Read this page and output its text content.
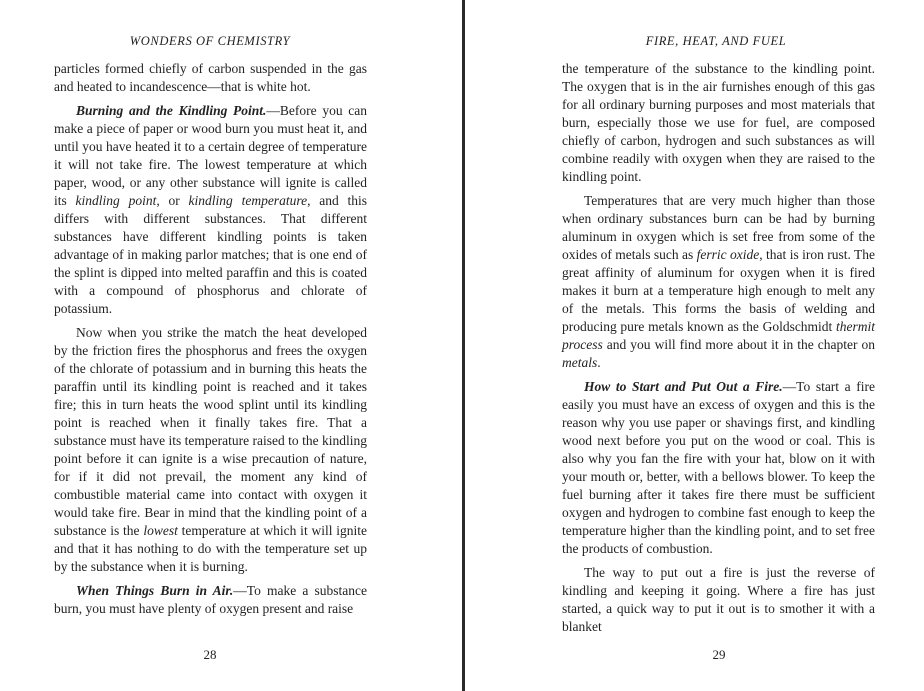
WONDERS OF CHEMISTRY

particles formed chiefly of carbon suspended in the gas and heated to incandescence—that is white hot.

Burning and the Kindling Point.—Before you can make a piece of paper or wood burn you must heat it, and until you have heated it to a certain degree of temperature it will not take fire. The lowest temperature at which paper, wood, or any other substance will ignite is called its kindling point, or kindling temperature, and this differs with different substances. That different substances have different kindling points is taken advantage of in making parlor matches; that is one end of the splint is dipped into melted paraffin and this is coated with a compound of phosphorus and chlorate of potassium.

Now when you strike the match the heat developed by the friction fires the phosphorus and frees the oxygen of the chlorate of potassium and in burning this heats the paraffin until its kindling point is reached and it takes fire; this in turn heats the wood splint until its kindling point is reached when it finally takes fire. That a substance must have its temperature raised to the kindling point before it can ignite is a wise precaution of nature, for if it did not prevail, the moment any kind of combustible material came into contact with oxygen it would take fire. Bear in mind that the kindling point of a substance is the lowest temperature at which it will ignite and that it has nothing to do with the temperature set up by the substance when it is burning.

When Things Burn in Air.—To make a substance burn, you must have plenty of oxygen present and raise

28
FIRE, HEAT, AND FUEL

the temperature of the substance to the kindling point. The oxygen that is in the air furnishes enough of this gas for all ordinary burning purposes and most materials that burn, especially those we use for fuel, are composed chiefly of carbon, hydrogen and such substances as will combine readily with oxygen when they are raised to the kindling point.

Temperatures that are very much higher than those when ordinary substances burn can be had by burning aluminum in oxygen which is set free from some of the oxides of metals such as ferric oxide, that is iron rust. The great affinity of aluminum for oxygen when it is fired makes it burn at a temperature high enough to melt any of the metals. This forms the basis of welding and producing pure metals known as the Goldschmidt thermit process and you will find more about it in the chapter on metals.

How to Start and Put Out a Fire.—To start a fire easily you must have an excess of oxygen and this is the reason why you use paper or shavings first, and kindling wood next before you put on the wood or coal. This is also why you fan the fire with your hat, blow on it with your mouth or, better, with a bellows blower. To keep the fuel burning after it takes fire there must be sufficient oxygen and hydrogen to combine fast enough to keep the temperature higher than the kindling point, and to set free the products of combustion.

The way to put out a fire is just the reverse of kindling and keeping it going. Where a fire has just started, a quick way to put it out is to smother it with a blanket

29
